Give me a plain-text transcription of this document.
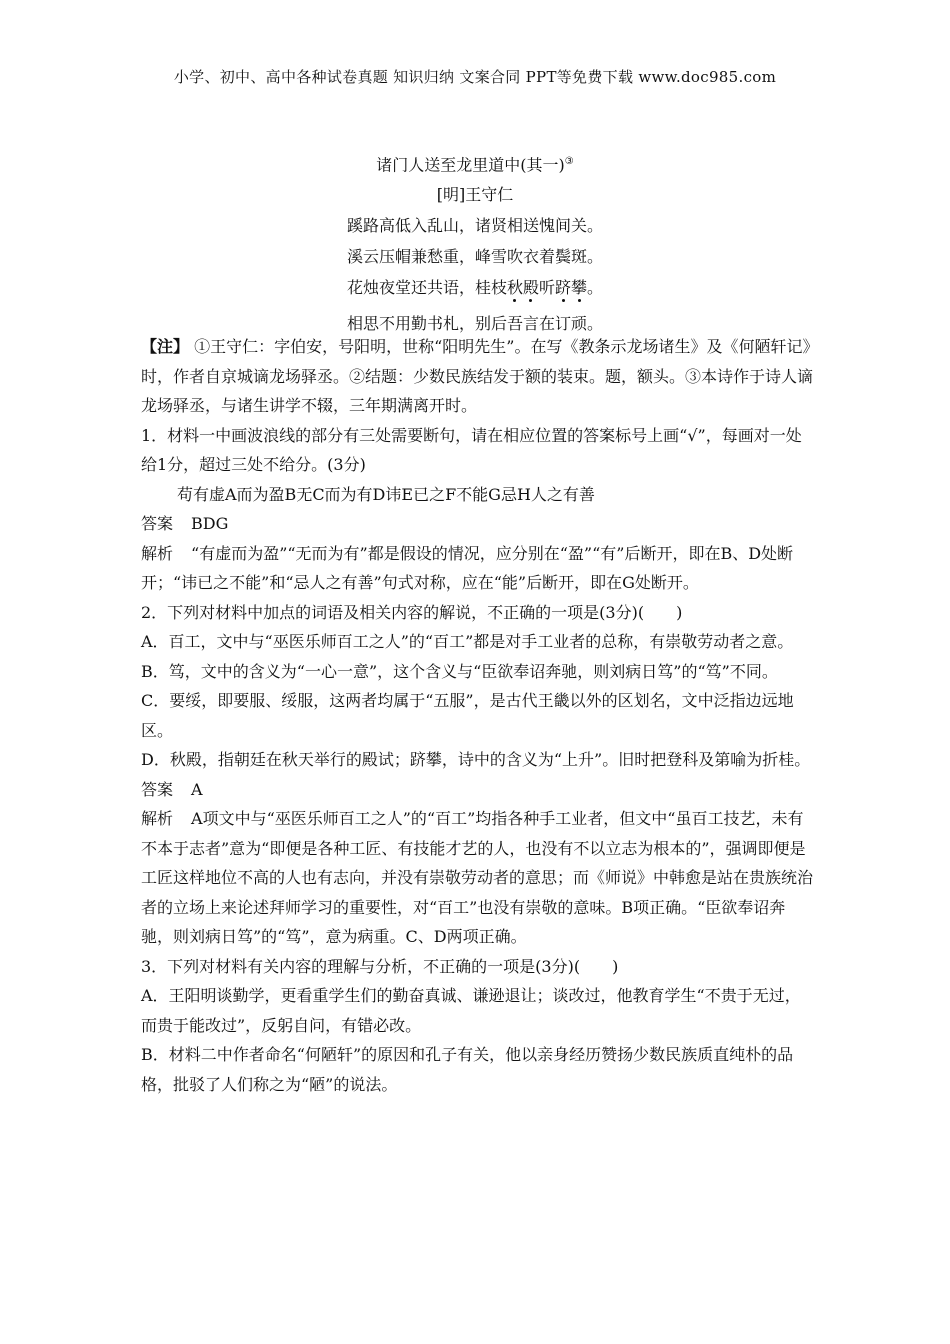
小学、初中、高中各种试卷真题 知识归纳 文案合同 PPT等免费下载 www.doc985.com
诸门人送至龙里道中(其一)③
[明]王守仁
蹊路高低入乱山，诸贤相送愧间关。
溪云压帽兼愁重，峰雪吹衣着鬓斑。
花烛夜堂还共语，桂枝秋殿听跻攀。
相思不用勤书札，别后吾言在订顽。

【注】 ①王守仁：字伯安，号阳明，世称“阳明先生”。在写《教条示龙场诸生》及《何陋轩记》时，作者自京城谪龙场驿丞。②结题：少数民族结发于额的装束。题，额头。③本诗作于诗人谪龙场驿丞，与诸生讲学不辍，三年期满离开时。

1．材料一中画波浪线的部分有三处需要断句，请在相应位置的答案标号上画“√”，每画对一处给1分，超过三处不给分。(3分)

苟有虚A而为盈B无C而为有D讳E已之F不能G忌H人之有善

答案 BDG

解析 “有虚而为盈”“无而为有”都是假设的情况，应分别在“盈”“有”后断开，即在B、D处断开；“讳已之不能”和“忌人之有善”句式对称，应在“能”后断开，即在G处断开。

2．下列对材料中加点的词语及相关内容的解说，不正确的一项是(3分)(　　)

A．百工，文中与“巫医乐师百工之人”的“百工”都是对手工业者的总称，有崇敬劳动者之意。

B．笃，文中的含义为“一心一意”，这个含义与“臣欲奉诏奔驰，则刘病日笃”的“笃”不同。

C．要绥，即要服、绥服，这两者均属于“五服”，是古代王畿以外的区划名，文中泛指边远地区。

D．秋殿，指朝廷在秋天举行的殿试；跻攀，诗中的含义为“上升”。旧时把登科及第喻为折桂。

答案 A

解析 A项文中与“巫医乐师百工之人”的“百工”均指各种手工业者，但文中“虽百工技艺，未有不本于志者”意为“即便是各种工匠、有技能才艺的人，也没有不以立志为根本的”，强调即便是工匠这样地位不高的人也有志向，并没有崇敬劳动者的意思；而《师说》中韩愈是站在贵族统治者的立场上来论述拜师学习的重要性，对“百工”也没有崇敬的意味。B项正确。“臣欲奉诏奔驰，则刘病日笃”的“笃”，意为病重。C、D两项正确。

3．下列对材料有关内容的理解与分析，不正确的一项是(3分)(　　)

A．王阳明谈勤学，更看重学生们的勤奋真诚、谦逊退让；谈改过，他教育学生“不贵于无过，而贵于能改过”，反躬自问，有错必改。

B．材料二中作者命名“何陋轩”的原因和孔子有关，他以亲身经历赞扬少数民族质直纯朴的品格，批驳了人们称之为“陋”的说法。
